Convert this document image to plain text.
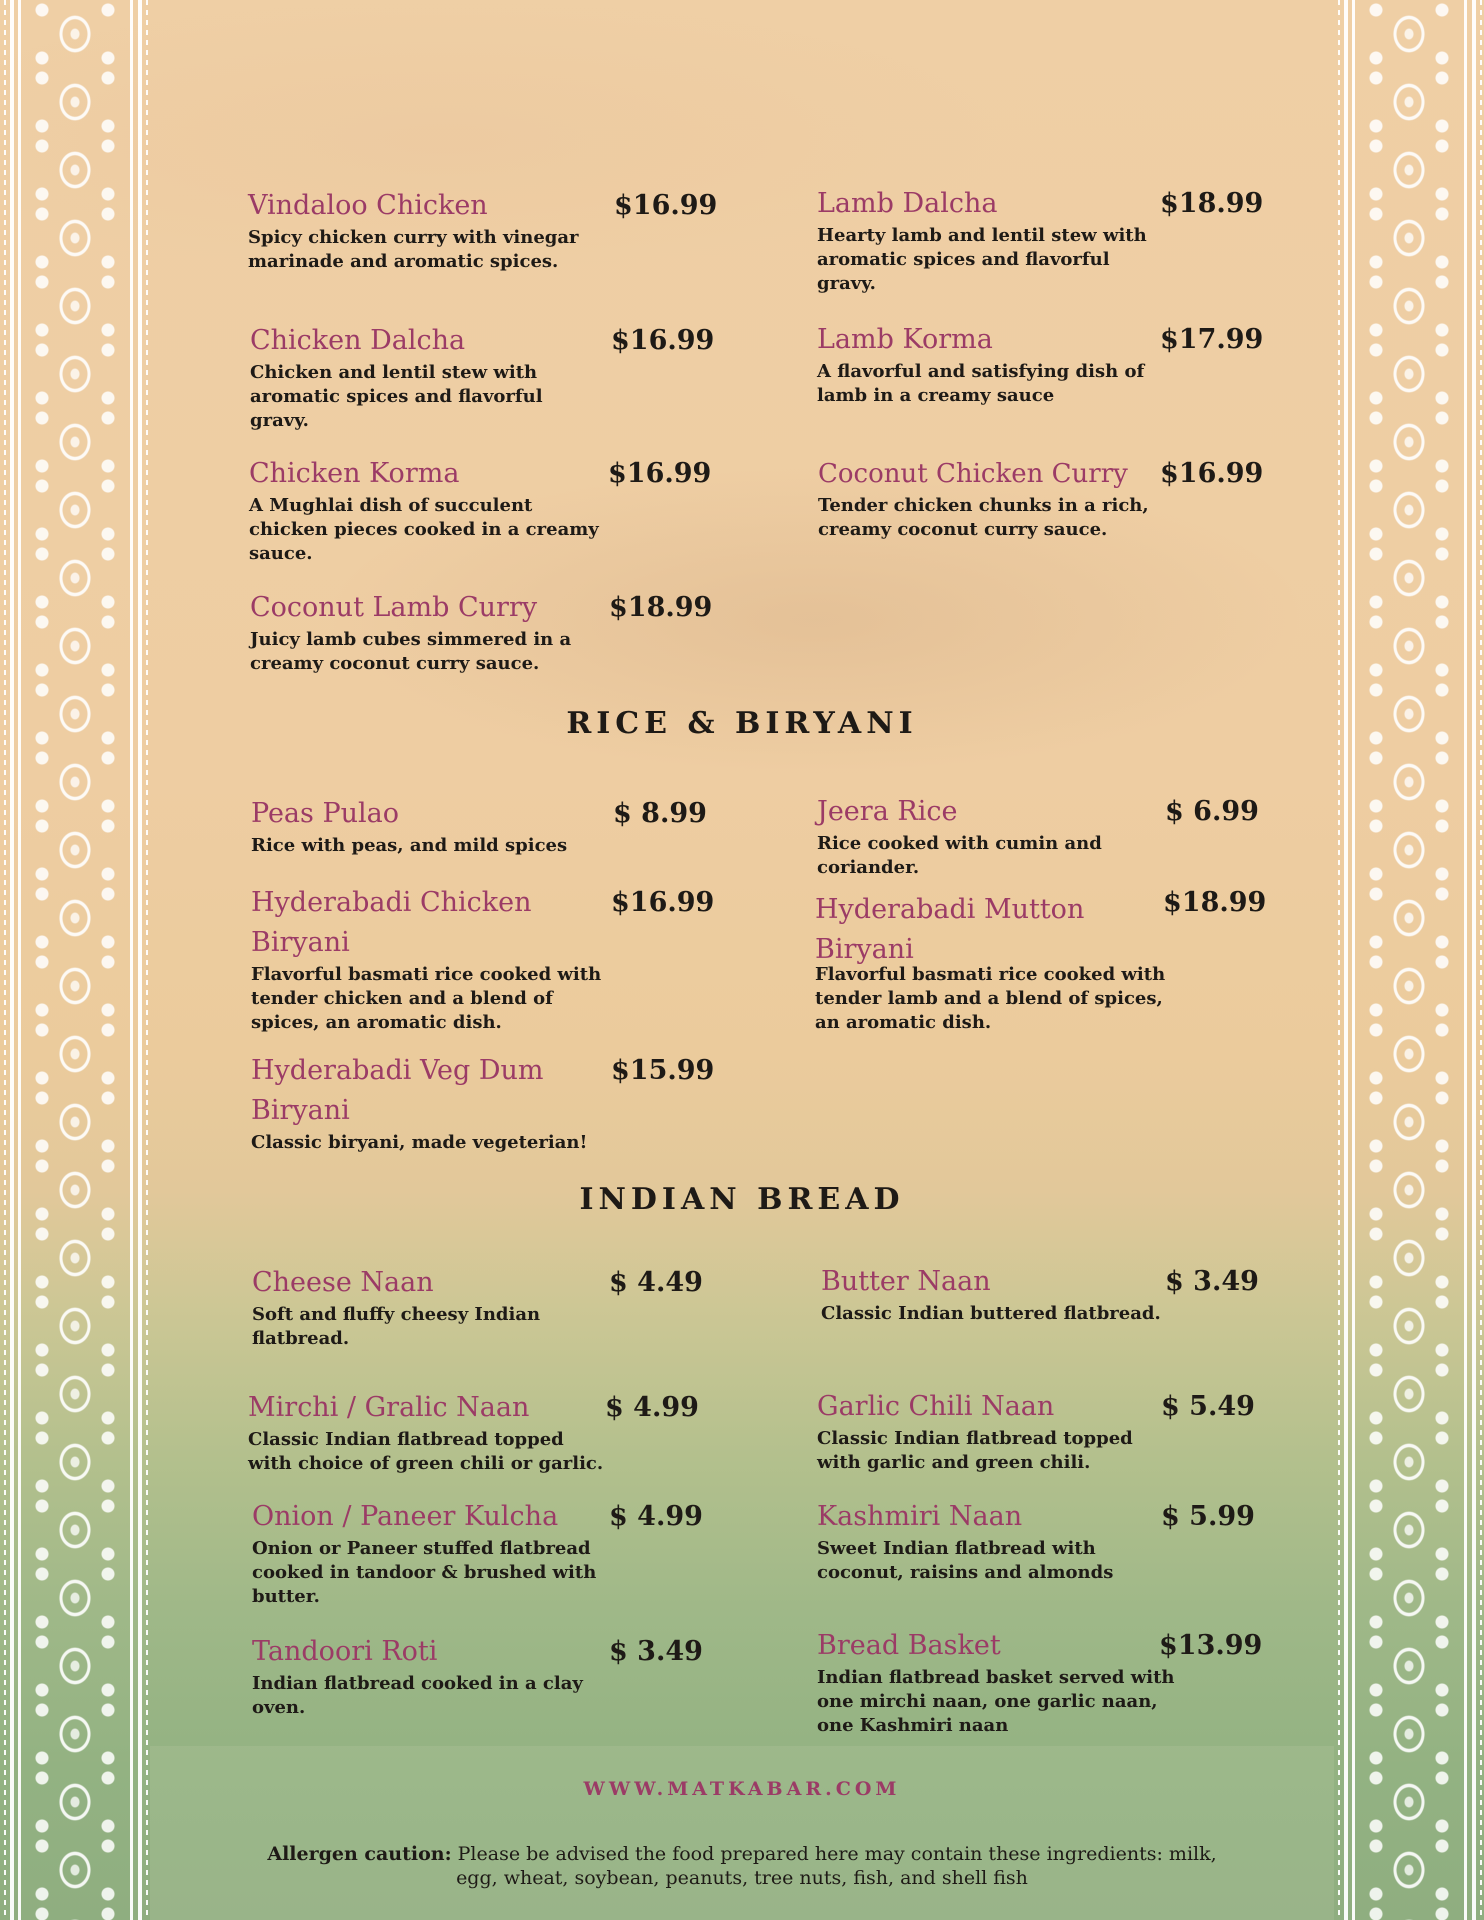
Vindaloo Chicken	$16.99
Spicy chicken curry with vinegar
marinade and aromatic spices.
Lamb Dalcha	$18.99
Hearty lamb and lentil stew with
aromatic spices and flavorful
gravy.
Chicken Dalcha	$16.99
Chicken and lentil stew with
aromatic spices and flavorful
gravy.
Lamb Korma	$17.99
A flavorful and satisfying dish of
lamb in a creamy sauce
Chicken Korma	$16.99
A Mughlai dish of succulent
chicken pieces cooked in a creamy
sauce.
Coconut Chicken Curry	$16.99
Tender chicken chunks in a rich,
creamy coconut curry sauce.
Coconut Lamb Curry	$18.99
Juicy lamb cubes simmered in a
creamy coconut curry sauce.
RICE & BIRYANI
Peas Pulao	$ 8.99
Rice with peas, and mild spices
Jeera Rice	$ 6.99
Rice cooked with cumin and
coriander.
Hyderabadi Chicken
Biryani
$16.99
Flavorful basmati rice cooked with
tender chicken and a blend of
spices, an aromatic dish.
Hyderabadi Mutton
Biryani
$18.99
Flavorful basmati rice cooked with
tender lamb and a blend of spices,
an aromatic dish.
Hyderabadi Veg Dum
Biryani
$15.99
Classic biryani, made vegeterian!
INDIAN BREAD
Cheese Naan	$ 4.49
Soft and fluffy cheesy Indian
flatbread.
Butter Naan	$ 3.49
Classic Indian buttered flatbread.
Mirchi / Gralic Naan	$ 4.99
Classic Indian flatbread topped
with choice of green chili or garlic.
Garlic Chili Naan	$ 5.49
Classic Indian flatbread topped
with garlic and green chili.
Onion / Paneer Kulcha	$ 4.99
Onion or Paneer stuffed flatbread
cooked in tandoor & brushed with
butter.
Kashmiri Naan	$ 5.99
Sweet Indian flatbread with
coconut, raisins and almonds
Tandoori Roti	$ 3.49
Indian flatbread cooked in a clay
oven.
Bread Basket	$13.99
Indian flatbread basket served with
one mirchi naan, one garlic naan,
one Kashmiri naan
WWW.MATKABAR.COM
Allergen caution: Please be advised the food prepared here may contain these ingredients: milk,
egg, wheat, soybean, peanuts, tree nuts, fish, and shell fish
